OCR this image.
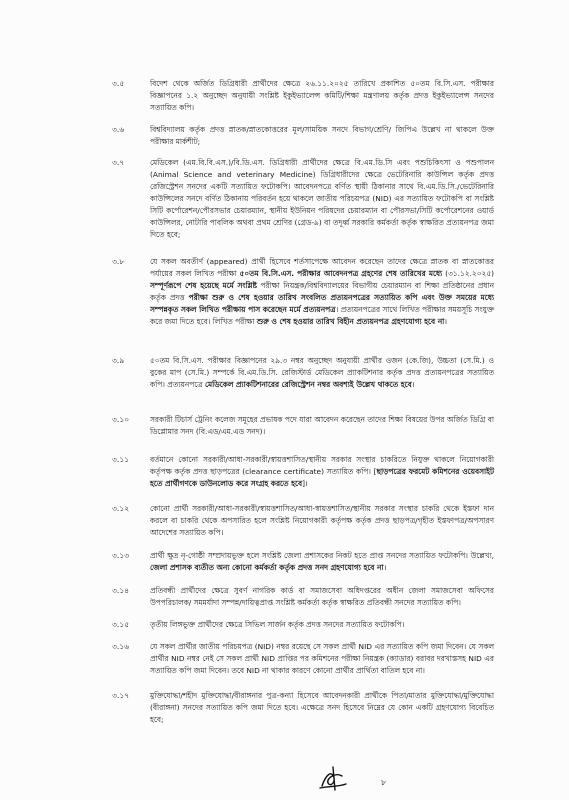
৩.৫	বিদেশ থেকে অর্জিত ডিগ্রিধারী প্রার্থীদের ক্ষেত্রে ২৬.১১.২০২৫ তারিখে প্রকাশিত ৫০তম বি.সি.এস. পরীক্ষার বিজ্ঞাপনের ১.২ অনুচ্ছেদ অনুযায়ী সংশ্লিষ্ট ইকুইভ্যালেন্স কমিটি/শিক্ষা মন্ত্রণালয় কর্তৃক প্রদত্ত ইকুইভ্যালেন্স সনদের সত্যায়িত কপি।

৩.৬	বিশ্ববিদ্যালয় কর্তৃক প্রদত্ত স্নাতক/স্নাতকোত্তরের মূল/সাময়িক সনদে বিভাগ/শ্রেণি/ জিপিএ উল্লেখ না থাকলে উক্ত পরীক্ষার মার্কশীট;

৩.৭	মেডিকেল (এম.বি.বি.এস.)/বি.ডি.এস. ডিগ্রিধারী প্রার্থীদের ক্ষেত্রে বি.এম.ডি.সি এবং পশুচিকিৎসা ও পশুপালন (Animal Science and veterinary Medicine) ডিগ্রিধারীদের ক্ষেত্রে ভেটেরিনারি কাউন্সিল কর্তৃক প্রদত্ত রেজিস্ট্রেশন সনদের একটি সত্যায়িত ফটোকপি। আবেদনপত্রে বর্ণিত স্থায়ী ঠিকানার সাথে বি.এম.ডি.সি./ভেটেরিনারি কাউন্সিলের সনদে বর্ণিত ঠিকানায় পরিবর্তন হয়ে থাকলে জাতীয় পরিচয়পত্র (NID) এর সত্যায়িত ফটোকপি বা সংশ্লিষ্ট সিটি কর্পোরেশন/পৌরসভার চেয়ারম্যান, স্থানীয় ইউনিয়ন পরিষদের চেয়ারম্যান বা পৌরসভা/সিটি কর্পোরেশনের ওয়ার্ড কাউন্সিলর, নোটারি পাবলিক অথবা প্রথম শ্রেণির (গ্রেড-৯) বা তদূর্ধ্ব সরকারি কর্মকর্তা কর্তৃক স্বাক্ষরিত প্রত্যয়নপত্র জমা দিতে হবে;

৩.৮	যে সকল অবতীর্ণ (appeared) প্রার্থী হিসেবে শর্তসাপেক্ষে আবেদন করেছেন তাদের ক্ষেত্রে স্নাতক বা স্নাতকোত্তর পর্যায়ের সকল লিখিত পরীক্ষা ৫০তম বি.সি.এস. পরীক্ষার আবেদনপত্র গ্রহণের শেষ তারিখের মধ্যে (৩১.১২.২০২৫) সম্পূর্ণরূপে শেষ হয়েছে মর্মে সংশ্লিষ্ট পরীক্ষা নিয়ন্ত্রক/বিশ্ববিদ্যালয়ের বিভাগীয় চেয়ারম্যান বা শিক্ষা প্রতিষ্ঠানের প্রধান কর্তৃক প্রদত্ত পরীক্ষা শুরু ও শেষ হওয়ার তারিখ সংবলিত প্রত্যয়নপত্রের সত্যায়িত কপি এবং উক্ত সময়ের মধ্যে সম্পন্নকৃত সকল লিখিত পরীক্ষায় পাস করেছেন মর্মে প্রত্যয়নপত্র। প্রত্যয়নপত্রের সাথে লিখিত পরীক্ষার সময়সূচি সংযুক্ত করে জমা দিতে হবে। লিখিত পরীক্ষা শুরু ও শেষ হওয়ার তারিখ বিহীন প্রত্যয়নপত্র গ্রহণযোগ্য হবে না।

৩.৯	৫০তম বি.সি.এস. পরীক্ষার বিজ্ঞাপনের ২৯.৩ নম্বর অনুচ্ছেদ অনুযায়ী প্রার্থীর ওজন (কে.জি), উচ্চতা (সে.মি.) ও বুকের মাপ (সে.মি.) সম্পর্কে বি.এম.ডি.সি. রেজিস্টার্ড মেডিকেল প্র্যাকটিশনার কর্তৃক প্রদত্ত প্রত্যয়নপত্রের সত্যায়িত কপি। প্রত্যয়নপত্রে মেডিকেল প্র্যাকটিশনারের রেজিস্ট্রেশন নম্বর অবশ্যই উল্লেখ থাকতে হবে।

৩.১০	সরকারী টিচার্স ট্রেনিং কলেজ সমূহের প্রভাষক পদে যারা আবেদন করেছেন তাদের শিক্ষা বিষয়ের উপর অর্জিত ডিগ্রি বা ডিপ্লোমার সনদ (বি.এড/এম.এড সনদ)।

৩.১১	বর্তমানে কোনো সরকারী/আধা-সরকারী/স্বায়ত্তশাসিত/স্থানীয় সরকার সংস্থার চাকরিতে নিযুক্ত থাকলে নিয়োগকারী কর্তৃপক্ষ কর্তৃক প্রদত্ত ছাড়পত্রের (clearance certificate) সত্যায়িত কপি। [ছাড়পত্রের ফরমেট কমিশনের ওয়েবসাইট হতে প্রার্থীগণকে ডাউনলোড করে সংগ্রহ করতে হবে]।

৩.১২	কোনো প্রার্থী সরকারী/আধা-সরকারী/স্বায়ত্তশাসিত/আধা-স্বায়ত্তশাসিত/স্থানীয় সরকার সংস্থার চাকরি থেকে ইস্তফা দান করলে বা চাকরি থেকে অপসারিত হলে সংশ্লিষ্ট নিয়োগকারী কর্তৃপক্ষ কর্তৃক প্রদত্ত ছাড়পত্র/গৃহীত ইস্তফাপত্র/অপসারণ আদেশের সত্যায়িত কপি।

৩.১৩	প্রার্থী ক্ষুদ্র নৃ-গোষ্ঠী সম্প্রদায়ভুক্ত হলে সংশ্লিষ্ট জেলা প্রশাসকের নিকট হতে প্রাপ্ত সনদের সত্যায়িত ফটোকপি। উল্লেখ্য, জেলা প্রশাসক ব্যতীত অন্য কোনো কর্মকর্তা কর্তৃক প্রদত্ত সনদ গ্রহণযোগ্য হবে না।

৩.১৪	প্রতিবন্ধী প্রার্থীদের ক্ষেত্রে সুবর্ণ নাগরিক কার্ড বা সমাজসেবা অধিদপ্তরের অধীন জেলা সমাজসেবা অফিসের উপপরিচালক/ সমমর্যাদা সম্পন্ন/দায়িত্বপ্রাপ্ত সংশ্লিষ্ট কর্মকর্তা কর্তৃক স্বাক্ষরিত প্রতিবন্ধী সনদের সত্যায়িত কপি।

৩.১৫	তৃতীয় লিঙ্গভুক্ত প্রার্থীদের ক্ষেত্রে সিভিল সার্জন কর্তৃক প্রদত্ত সনদের সত্যায়িত ফটোকপি।

৩.১৬	যে সকল প্রার্থীর জাতীয় পরিচয়পত্র (NID) নম্বর রয়েছে সে সকল প্রার্থী NID এর সত্যায়িত কপি জমা দিবেন। যে সকল প্রার্থীর NID নম্বর নেই সে সকল প্রার্থী NID প্রাপ্তির পর কমিশনের পরীক্ষা নিয়ন্ত্রক (ক্যাডার) বরাবর দরখাস্তসহ NID এর সত্যায়িত কপি জমা দিবেন। তবে NID না থাকার কারণে কোনো প্রার্থীর প্রার্থিতা বাতিল হবে না।

৩.১৭	মুক্তিযোদ্ধা/শহীদ মুক্তিযোদ্ধা/বীরাঙ্গনার পুত্র-কন্যা হিসেবে আবেদনকারী প্রার্থীকে পিতা/মাতার মুক্তিযোদ্ধা/মুক্তিযোদ্ধা (বীরাঙ্গনা) সনদের সত্যায়িত কপি জমা দিতে হবে। এক্ষেত্রে সনদ হিসেবে নিম্নের যে কোন একটি গ্রহণযোগ্য বিবেচিত হবে;

৮
